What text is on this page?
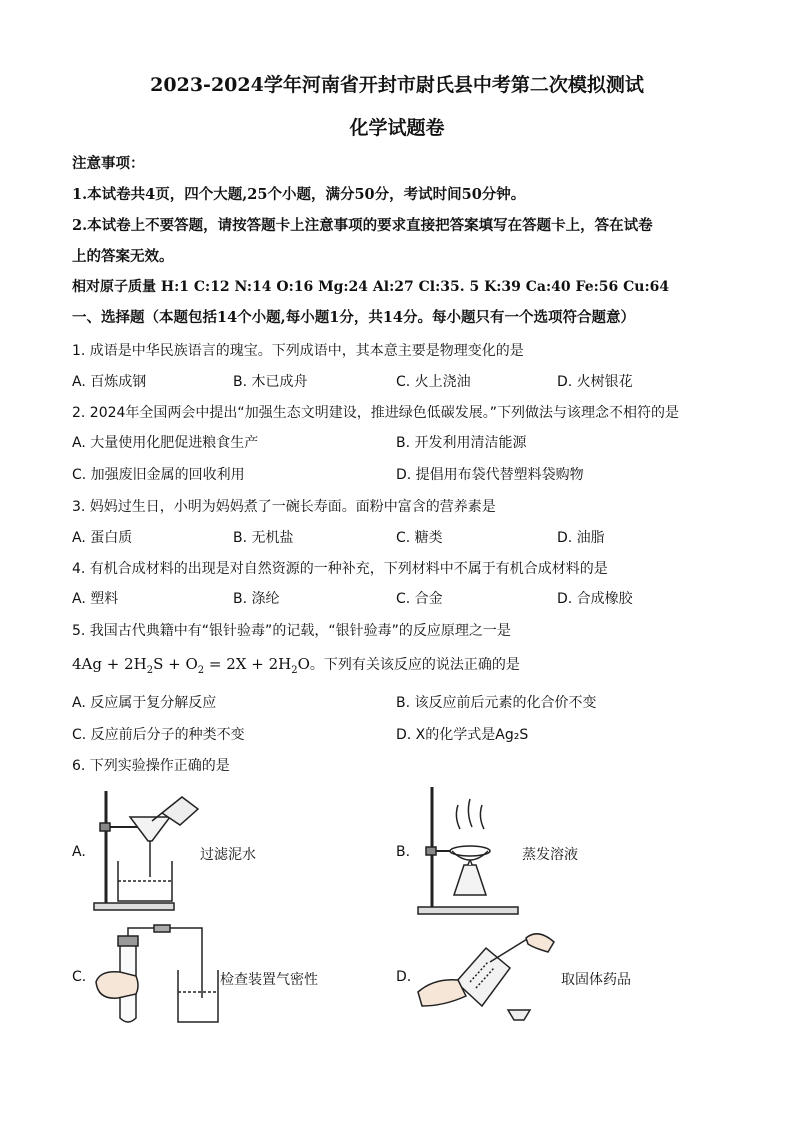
2023-2024学年河南省开封市尉氏县中考第二次模拟测试
化学试题卷
注意事项：
1.本试卷共4页，四个大题,25个小题，满分50分，考试时间50分钟。
2.本试卷上不要答题，请按答题卡上注意事项的要求直接把答案填写在答题卡上，答在试卷
上的答案无效。
相对原子质量 H:1 C:12 N:14 O:16 Mg:24 Al:27 Cl:35. 5 K:39 Ca:40 Fe:56 Cu:64
一、选择题（本题包括14个小题,每小题1分，共14分。每小题只有一个选项符合题意）
1. 成语是中华民族语言的瑰宝。下列成语中，其本意主要是物理变化的是
A. 百炼成钢	B. 木已成舟	C. 火上浇油	D. 火树银花
2. 2024年全国两会中提出“加强生态文明建设，推进绿色低碳发展。”下列做法与该理念不相符的是
A. 大量使用化肥促进粮食生产	B. 开发利用清洁能源
C. 加强废旧金属的回收利用	D. 提倡用布袋代替塑料袋购物
3. 妈妈过生日，小明为妈妈煮了一碗长寿面。面粉中富含的营养素是
A. 蛋白质	B. 无机盐	C. 糖类	D. 油脂
4. 有机合成材料的出现是对自然资源的一种补充，下列材料中不属于有机合成材料的是
A. 塑料	B. 涤纶	C. 合金	D. 合成橡胶
5. 我国古代典籍中有“银针验毒”的记载，“银针验毒”的反应原理之一是
$4Ag + 2H_2S + O_2 = 2X + 2H_2O$。下列有关该反应的说法正确的是
A. 反应属于复分解反应	B. 该反应前后元素的化合价不变
C. 反应前后分子的种类不变	D. X的化学式是Ag₂S
6. 下列实验操作正确的是
A.	过滤泥水	B.	蒸发溶液
C.	检查装置气密性	D.	取固体药品
